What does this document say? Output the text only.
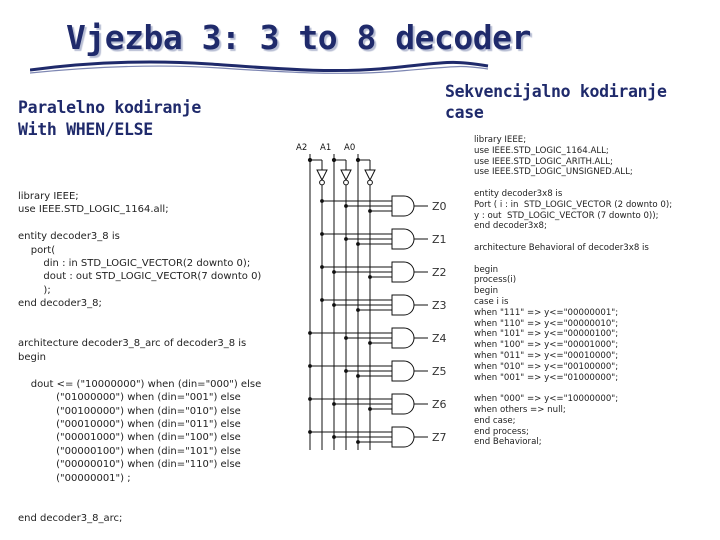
Vjezba 3: 3 to 8 decoder
Paralelno kodiranje
With WHEN/ELSE
Sekvencijalno kodiranje
case
library IEEE;
use IEEE.STD_LOGIC_1164.all;

entity decoder3_8 is
port(
din : in STD_LOGIC_VECTOR(2 downto 0);
dout : out STD_LOGIC_VECTOR(7 downto 0)
);
end decoder3_8;

architecture decoder3_8_arc of decoder3_8 is
begin

dout <= ("10000000") when (din="000") else
("01000000") when (din="001") else
("00100000") when (din="010") else
("00010000") when (din="011") else
("00001000") when (din="100") else
("00000100") when (din="101") else
("00000010") when (din="110") else
("00000001") ;

end decoder3_8_arc;
library IEEE;
use IEEE.STD_LOGIC_1164.ALL;
use IEEE.STD_LOGIC_ARITH.ALL;
use IEEE.STD_LOGIC_UNSIGNED.ALL;

entity decoder3x8 is
Port ( i : in  STD_LOGIC_VECTOR (2 downto 0);
y : out  STD_LOGIC_VECTOR (7 downto 0));
end decoder3x8;

architecture Behavioral of decoder3x8 is

begin
process(i)
begin
case i is
when "111" => y<="00000001";
when "110" => y<="00000010";
when "101" => y<="00000100";
when "100" => y<="00001000";
when "011" => y<="00010000";
when "010" => y<="00100000";
when "001" => y<="01000000";

when "000" => y<="10000000";
when others => null;
end case;
end process;
end Behavioral;
A2 A1 A0
Z0
Z1
Z2
Z3
Z4
Z5
Z6
Z7
